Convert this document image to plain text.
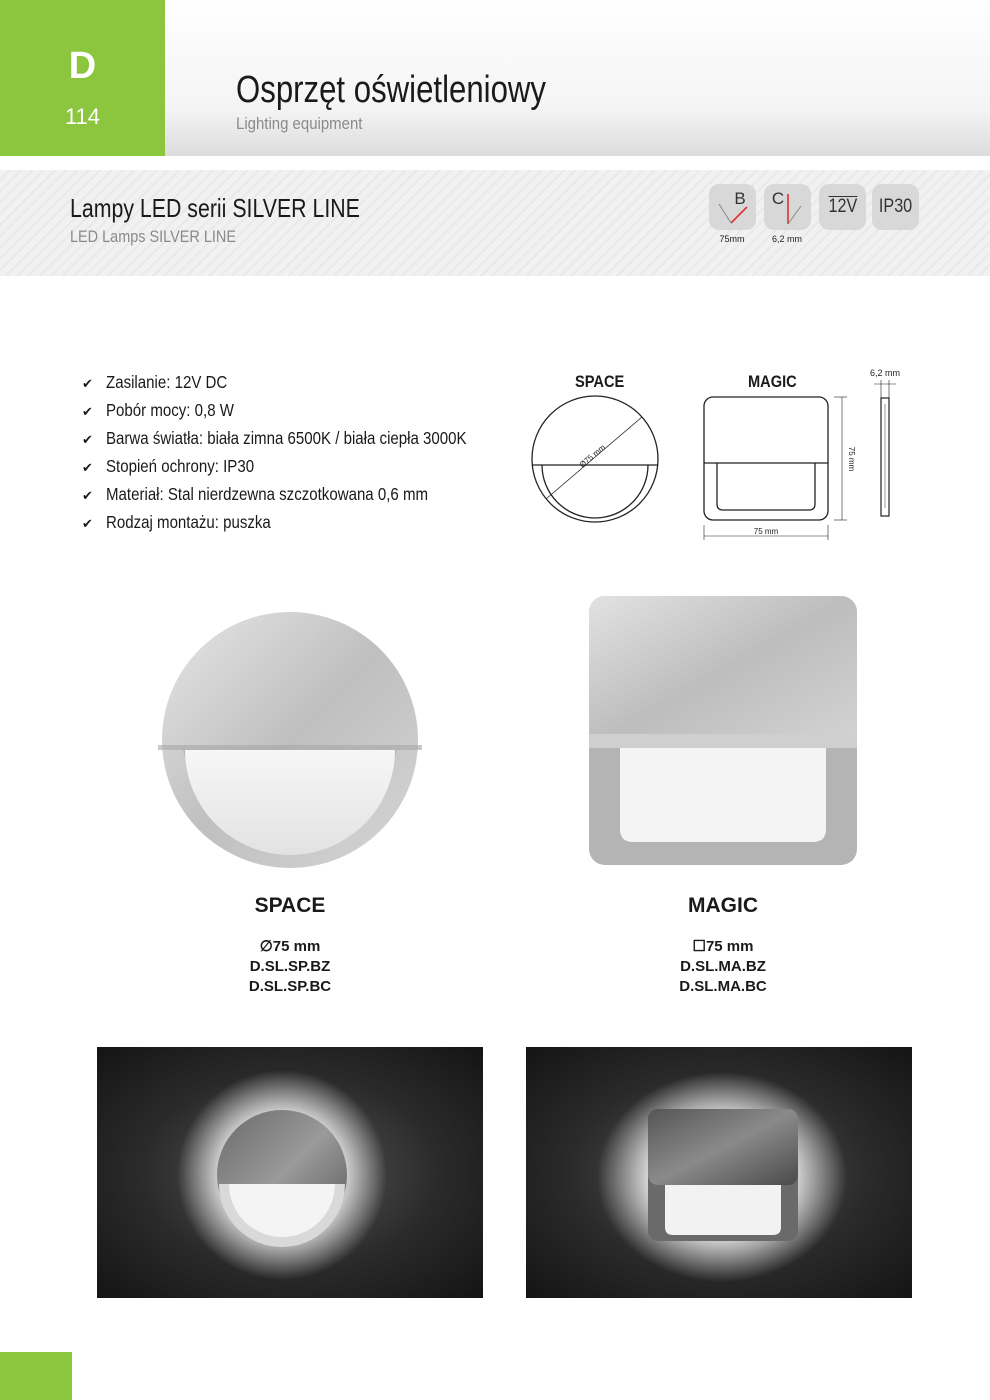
D
114
Osprzęt oświetleniowy
Lighting equipment
Lampy LED serii SILVER LINE
LED Lamps SILVER LINE
B
75mm
C
6,2 mm
12V	IP30
✔ Zasilanie: 12V DC
✔ Pobór mocy: 0,8 W
✔ Barwa światła: biała zimna 6500K / biała ciepła 3000K
✔ Stopień ochrony: IP30
✔ Materiał: Stal nierdzewna szczotkowana 0,6 mm
✔ Rodzaj montażu: puszka
SPACE	MAGIC
Ø75 mm
75 mm
75 mm
6,2 mm
SPACE
∅75 mm
D.SL.SP.BZ
D.SL.SP.BC
MAGIC
☐75 mm
D.SL.MA.BZ
D.SL.MA.BC
